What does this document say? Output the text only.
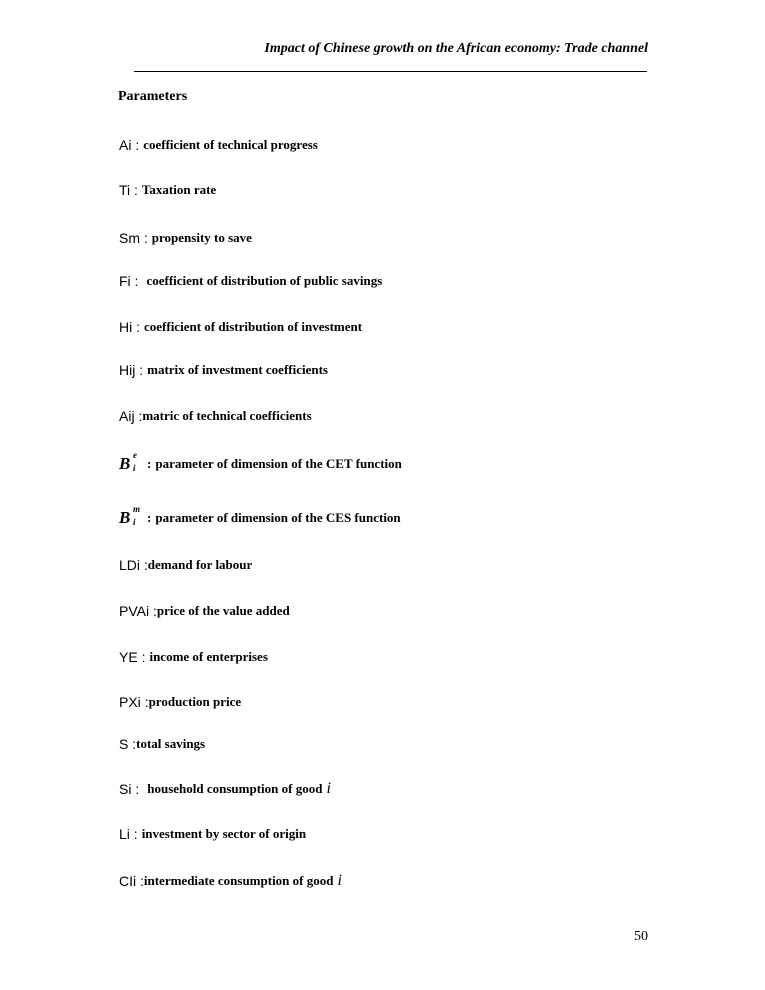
Impact of Chinese growth on the African economy: Trade channel
Parameters
Ai :
coefficient of technical progress
Ti :
Taxation rate
Sm :
propensity to save
Fi :
coefficient of distribution of public savings
Hi :
coefficient of distribution of investment
Hij :
matrix of investment coefficients
Aij : matric of technical coefficients
B e
i :
parameter of dimension of the CET function
B m
i :
parameter of dimension of the CES function
LDi : demand for labour
PVAi : price of the value added
YE :
income of enterprises
PXi : production price
S : total savings
Si :
household consumption of good i
Li :
investment by sector of origin
CIi : intermediate consumption of good i
50
